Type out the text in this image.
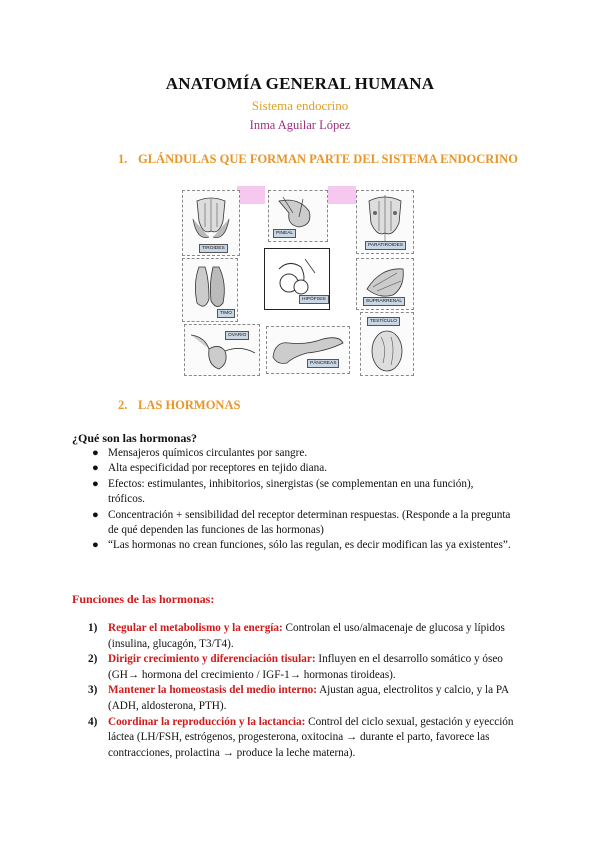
ANATOMÍA GENERAL HUMANA
Sistema endocrino
Inma Aguilar López
1. GLÁNDULAS QUE FORMAN PARTE DEL SISTEMA ENDOCRINO
TIROIDES
PINEAL
PARATIROIDES
TIMO
HIPÓFISIS	SUPRARRENAL
OVARIO
PÁNCREAS
TESTÍCULO
2. LAS HORMONAS
¿Qué son las hormonas?
● Mensajeros químicos circulantes por sangre.
● Alta especificidad por receptores en tejido diana.
● Efectos: estimulantes, inhibitorios, sinergistas (se complementan en una función), tróficos.
● Concentración + sensibilidad del receptor determinan respuestas. (Responde a la pregunta de qué dependen las funciones de las hormonas)
● “Las hormonas no crean funciones, sólo las regulan, es decir modifican las ya existentes”.
Funciones de las hormonas:
1) Regular el metabolismo y la energía: Controlan el uso/almacenaje de glucosa y lípidos (insulina, glucagón, T3/T4).
2) Dirigir crecimiento y diferenciación tisular: Influyen en el desarrollo somático y óseo (GH→ hormona del crecimiento / IGF-1→ hormonas tiroideas).
3) Mantener la homeostasis del medio interno: Ajustan agua, electrolitos y calcio, y la PA (ADH, aldosterona, PTH).
4) Coordinar la reproducción y la lactancia: Control del ciclo sexual, gestación y eyección láctea (LH/FSH, estrógenos, progesterona, oxitocina → durante el parto, favorece las contracciones, prolactina → produce la leche materna).
